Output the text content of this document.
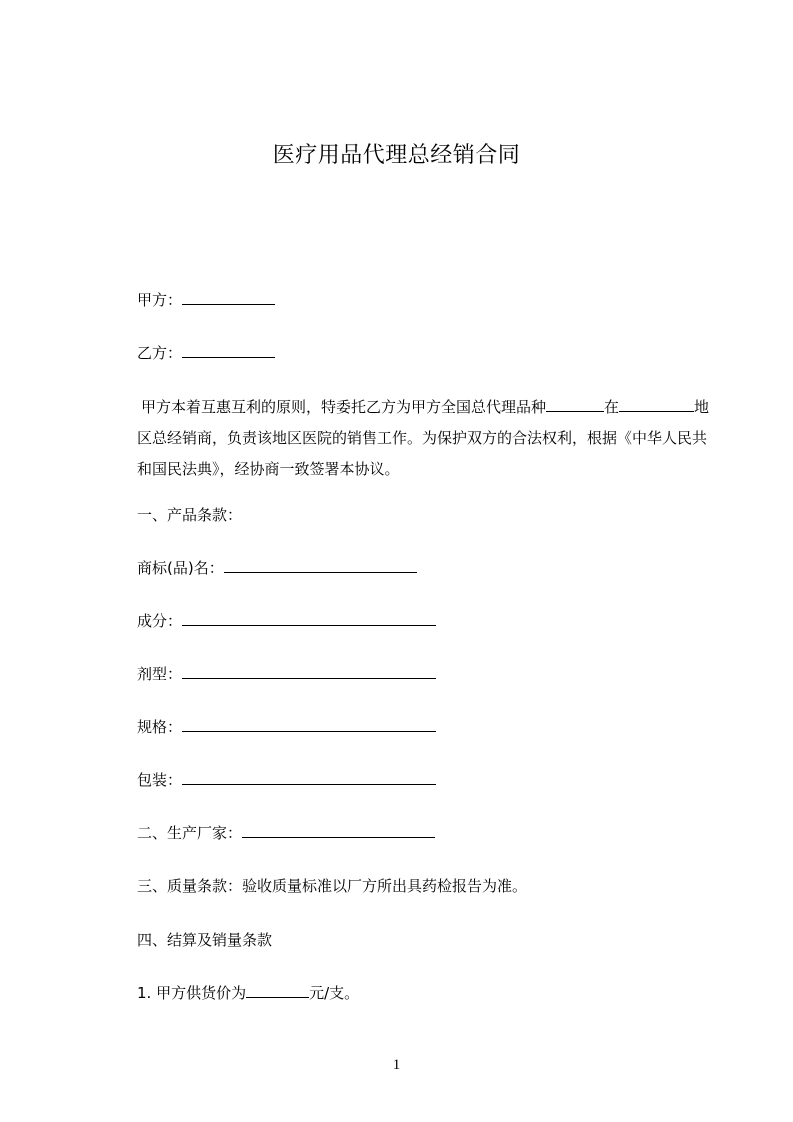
医疗用品代理总经销合同

甲方：

乙方：

甲方本着互惠互利的原则，特委托乙方为甲方全国总代理品种	在	地区总经销商，负责该地区医院的销售工作。为保护双方的合法权利，根据《中华人民共和国民法典》，经协商一致签署本协议。

一、产品条款：

商标(品)名：

成分：

剂型：

规格：

包装：

二、生产厂家：

三、质量条款：验收质量标准以厂方所出具药检报告为准。

四、结算及销量条款

1. 甲方供货价为	元/支。

1
